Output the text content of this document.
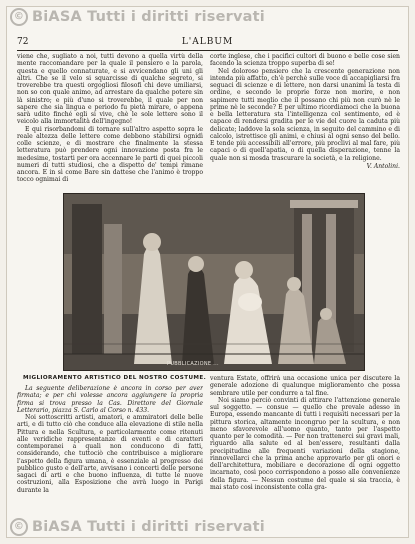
72	L'ALBUM

viene che, sugliato a noi, tutti devono a quella virtù della mente raccomandare per la quale il pensiero e la parola, questa e quello connaturate, e si avvicendano gli uni gli altri. Che se il velo si squarcisse di qualche segreto, si troverebbe tra questi orgogliosi filosofi chi deve umiliarsi, non so con quale animo, ad arrestare da qualche potere sin là sinistro; e più d'uno si troverebbe, il quale per non sapere che sia lingua e periodo fu pietà mirare, o appena sarà udito finché egli si vive, chè le sole lettere sono il veicolo alla immortalità dell'ingegno!

E qui risorbandomi di tornare sull'altro aspetto sopra le reale altezza delle lettere come debbono stabilirsi ognidì colle scienze, e di mostrare che finalmente la stessa letteratura può prendere ogni innovazione posta fra le medesime, tostarti per ora accennare le parti di quei piccoli numeri di tutti studiosi, che a dispetto de' tempi rimane ancora. E in sì come Bare sin dattese che l'animo è troppo tocco ognimai di

corte inglese, che i pacifici cultori di buono e belle cose sien facendo la scienza troppo superba di se!

Nel doloroso pensiero che la crescente generazione non intenda più affatto, ch'è perchè sulle voce di accapigliarsi fra seguaci di scienze e di lettere, non darsi unanimi la testa di ordine, e secondo le proprie forze non morire, e non sapimere tutti meglio che il possano chi più non curò nè le prime nè le seconde? E per ultimo ricordiamoci che la buona e bella letteratura sta l'intelligenza col sentimento, ed è capace di rendersi gradita per le vie del cuore la caduta più delicate; laddove la sola scienza, in seguito del cammino e di calcolo, istrettisce gli animi, e chiusi al ogni senso del bello. E tende più accessibili all'errore, più proclivi al mal fare, più capaci o di quell'apatia, o di quella disperazione, tenne la quale non si mosda trascurare la società, e la religione.

V. Antolini.
PUBBLICAZIONE ...
MIGLIORAMENTO ARTISTICO DEL NOSTRO COSTUME.

La seguente deliberazione è ancora in corso per aver firmata; e per chi volesse ancora aggiungere la propria firma si trova presso la Cas. Direttore del Giornale Letterario, piazza S. Carlo al Corso n. 433.

Noi sottoscritti artisti, amatori, e ammiratori delle belle arti, e di tutto ciò che conduce alla elevazione di stile nella Pittura e nella Scultura, e particolarmente come ritenuti alle veridiche rappresentanze di eventi e di caratteri contemporanei a quali non conducono di fatti, considerando, che tuttociò che contribuisce a migliorare l'aspetto della figura umana, è essenziale al progresso dei pubblico gusto e dell'arte, avvisano i concerti delle persone sagaci di arti e che buono influenza, di tutte le nuove costruzioni, alla Esposizione che avrà luogo in Parigi durante la

ventura Estate, offrirà una occasione unica per discutere la generale adozione di qualunque miglioramento che possa sembrare utile per condurre a tal fine.

Noi siamo perciò convinti di attirare l'attenzione generale sul soggetto. — consue — quello che prevale adesso in Europa, essendo mancante di tutti i requisiti necessari per la pittura storica, altamente incongruo per la scultura, e non meno sfavorevole all'uomo quanto, tanto per l'aspetto quanto per le comodità. — Per non trattenerci sui gravi mali, riguardo alla salute ed al ben'essere, resultanti dalla precipitudine alle frequenti variazioni della stagione, rinnovellarci che la prima anche approvarlo per gli onori e dell'architettura, mobiliare e decorazione di ogni oggetto incarnato, così poco corrispondono a posso alle convenienze della figura. — Nessun costume del quale si sia traccia, è mai stato così inconsistente colla gra-

© BiASA Tutti i diritti riservati
© BiASA Tutti i diritti riservati
